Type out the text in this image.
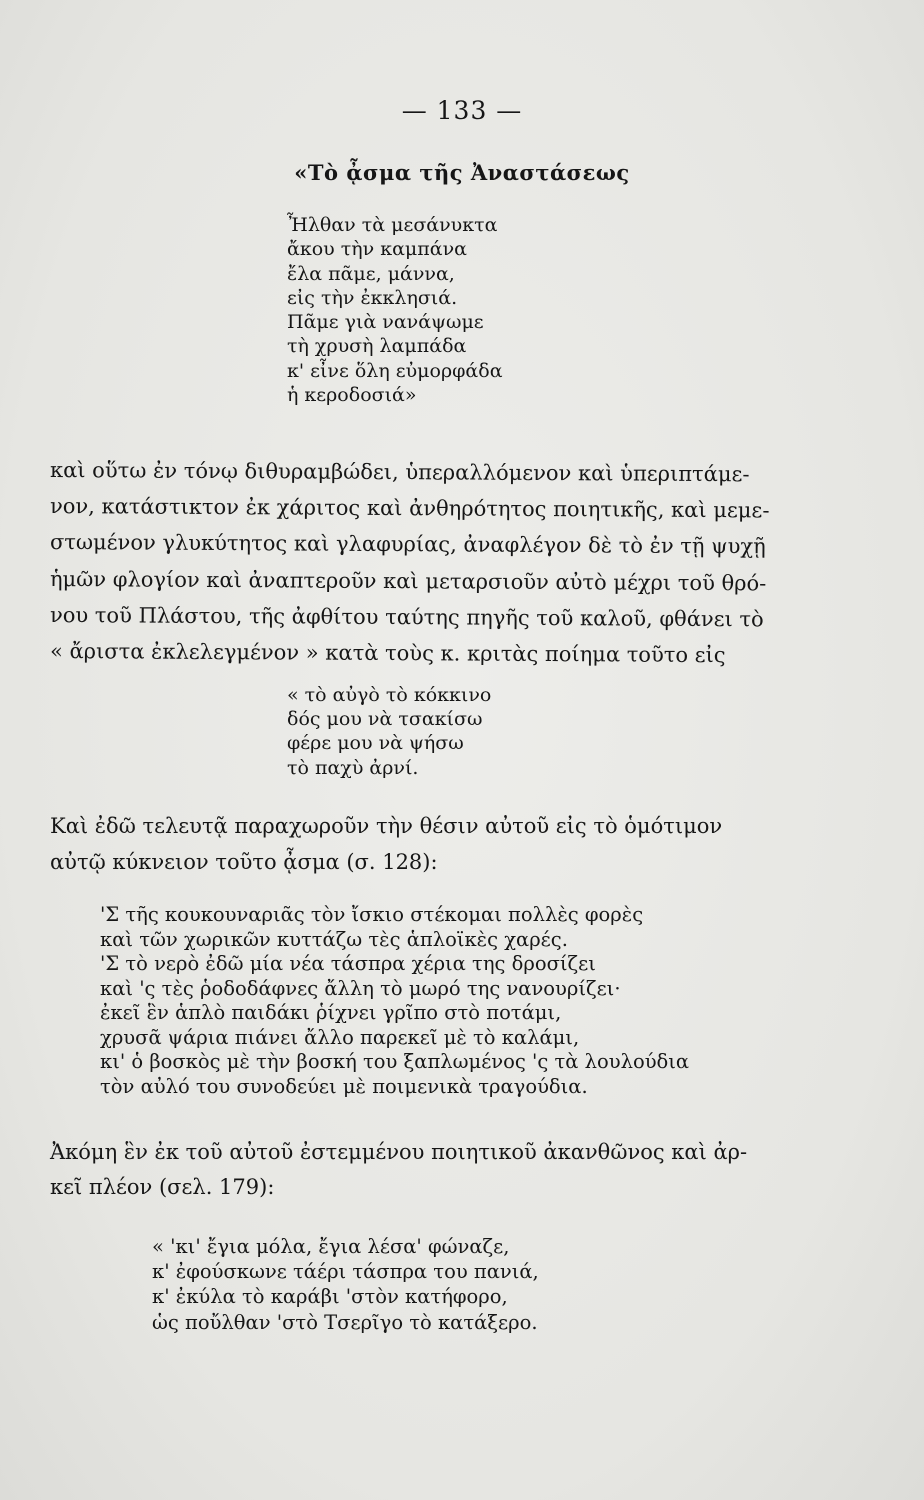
— 133 —
«Τὸ ᾆσμα τῆς Ἀναστάσεως
Ἦλθαν τὰ μεσάνυκτα
ἄκου τὴν καμπάνα
ἔλα πᾶμε, μάννα,
εἰς τὴν ἐκκλησιά.
Πᾶμε γιὰ νανάψωμε
τὴ χρυσὴ λαμπάδα
κ' εἶνε ὅλη εὐμορφάδα
ἡ κεροδοσιά»
καὶ οὕτω ἐν τόνῳ διθυραμβώδει, ὑπεραλλόμενον καὶ ὑπεριπτάμε-
νον, κατάστικτον ἐκ χάριτος καὶ ἀνθηρότητος ποιητικῆς, καὶ μεμε-
στωμένον γλυκύτητος καὶ γλαφυρίας, ἀναφλέγον δὲ τὸ ἐν τῇ ψυχῇ
ἡμῶν φλογίον καὶ ἀναπτεροῦν καὶ μεταρσιοῦν αὐτὸ μέχρι τοῦ θρό-
νου τοῦ Πλάστου, τῆς ἀφθίτου ταύτης πηγῆς τοῦ καλοῦ, φθάνει τὸ
« ἄριστα ἐκλελεγμένον » κατὰ τοὺς κ. κριτὰς ποίημα τοῦτο εἰς
« τὸ αὐγὸ τὸ κόκκινο
δός μου νὰ τσακίσω
φέρε μου νὰ ψήσω
τὸ παχὺ ἀρνί.
Καὶ ἐδῶ τελευτᾷ παραχωροῦν τὴν θέσιν αὐτοῦ εἰς τὸ ὁμότιμον
αὐτῷ κύκνειον τοῦτο ᾆσμα (σ. 128):
'Σ τῆς κουκουναριᾶς τὸν ἴσκιο στέκομαι πολλὲς φορὲς
καὶ τῶν χωρικῶν κυττάζω τὲς ἁπλοϊκὲς χαρές.
'Σ τὸ νερὸ ἐδῶ μία νέα τάσπρα χέρια της δροσίζει
καὶ 'ς τὲς ῥοδοδάφνες ἄλλη τὸ μωρό της νανουρίζει·
ἐκεῖ ἓν ἁπλὸ παιδάκι ῥίχνει γρῖπο στὸ ποτάμι,
χρυσᾶ ψάρια πιάνει ἄλλο παρεκεῖ μὲ τὸ καλάμι,
κι' ὁ βοσκὸς μὲ τὴν βοσκή του ξαπλωμένος 'ς τὰ λουλούδια
τὸν αὐλό του συνοδεύει μὲ ποιμενικὰ τραγούδια.
Ἀκόμη ἓν ἐκ τοῦ αὐτοῦ ἐστεμμένου ποιητικοῦ ἀκανθῶνος καὶ ἀρ-
κεῖ πλέον (σελ. 179):
« 'κι' ἔγια μόλα, ἔγια λέσα' φώναζε,
κ' ἐφούσκωνε τάέρι τάσπρα του πανιά,
κ' ἐκύλα τὸ καράβι 'στὸν κατήφορο,
ὡς ποὔλθαν 'στὸ Τσερῖγο τὸ κατάξερο.
